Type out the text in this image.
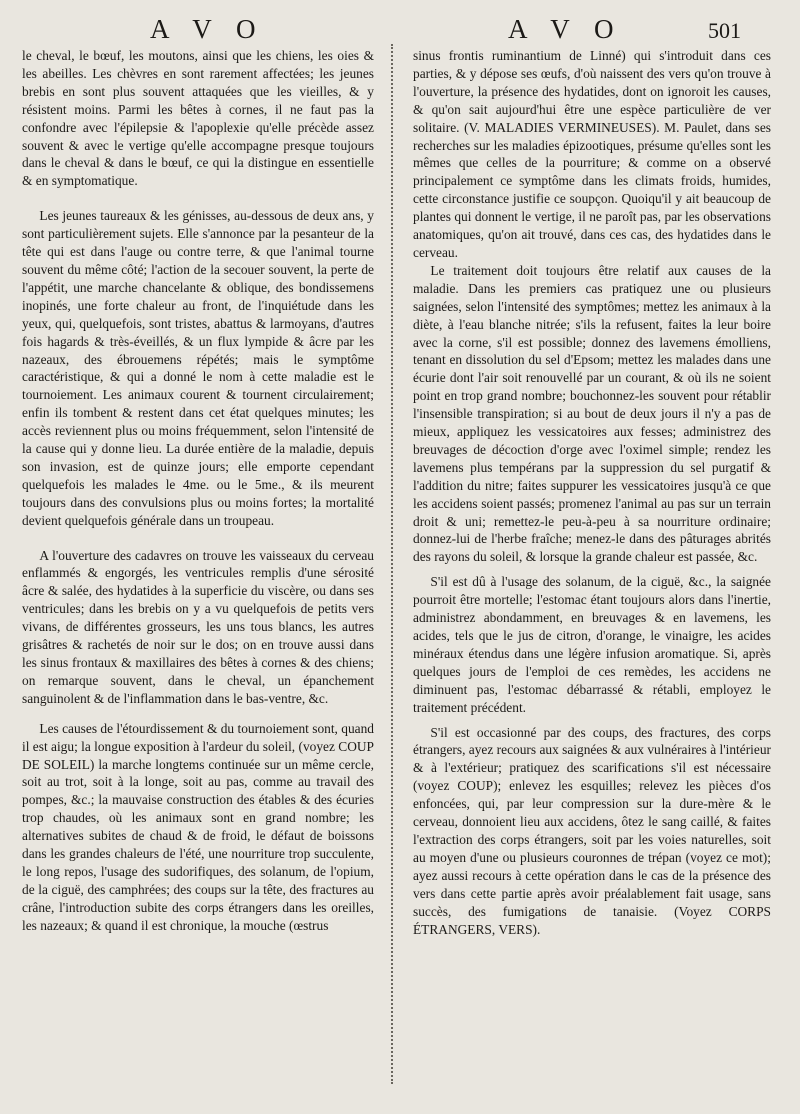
A V O	A V O	501

le cheval, le bœuf, les moutons, ainsi que les chiens, les oies & les abeilles. Les chèvres en sont rarement affectées; les jeunes brebis en sont plus souvent attaquées que les vieilles, & y résistent moins. Parmi les bêtes à cornes, il ne faut pas la confondre avec l'épilepsie & l'apoplexie qu'elle précède assez souvent & avec le vertige qu'elle accompagne presque toujours dans le cheval & dans le bœuf, ce qui la distingue en essentielle & en symptomatique.

Les jeunes taureaux & les génisses, au-dessous de deux ans, y sont particulièrement sujets. Elle s'annonce par la pesanteur de la tête qui est dans l'auge ou contre terre, & que l'animal tourne souvent du même côté; l'action de la secouer souvent, la perte de l'appétit, une marche chancelante & oblique, des bondissemens inopinés, une forte chaleur au front, de l'inquiétude dans les yeux, qui, quelquefois, sont tristes, abattus & larmoyans, d'autres fois hagards & très-éveillés, & un flux lympide & âcre par les nazeaux, des ébrouemens répétés; mais le symptôme caractéristique, & qui a donné le nom à cette maladie est le tournoiement. Les animaux courent & tournent circulairement; enfin ils tombent & restent dans cet état quelques minutes; les accès reviennent plus ou moins fréquemment, selon l'intensité de la cause qui y donne lieu. La durée entière de la maladie, depuis son invasion, est de quinze jours; elle emporte cependant quelquefois les malades le 4me. ou le 5me., & ils meurent toujours dans des convulsions plus ou moins fortes; la mortalité devient quelquefois générale dans un troupeau.

A l'ouverture des cadavres on trouve les vaisseaux du cerveau enflammés & engorgés, les ventricules remplis d'une sérosité âcre & salée, des hydatides à la superficie du viscère, ou dans ses ventricules; dans les brebis on y a vu quelquefois de petits vers vivans, de différentes grosseurs, les uns tous blancs, les autres grisâtres & rachetés de noir sur le dos; on en trouve aussi dans les sinus frontaux & maxillaires des bêtes à cornes & des chiens; on remarque souvent, dans le cheval, un épanchement sanguinolent & de l'inflammation dans le bas-ventre, &c.

Les causes de l'étourdissement & du tournoiement sont, quand il est aigu; la longue exposition à l'ardeur du soleil, (voyez COUP DE SOLEIL) la marche longtems continuée sur un même cercle, soit au trot, soit à la longe, soit au pas, comme au travail des pompes, &c.; la mauvaise construction des étables & des écuries trop chaudes, où les animaux sont en grand nombre; les alternatives subites de chaud & de froid, le défaut de boissons dans les grandes chaleurs de l'été, une nourriture trop succulente, le long repos, l'usage des sudorifiques, des solanum, de l'opium, de la ciguë, des camphrées; des coups sur la tête, des fractures au crâne, l'introduction subite des corps étrangers dans les oreilles, les nazeaux; & quand il est chronique, la mouche (œstrus

sinus frontis ruminantium de Linné) qui s'introduit dans ces parties, & y dépose ses œufs, d'où naissent des vers qu'on trouve à l'ouverture, la présence des hydatides, dont on ignoroit les causes, & qu'on sait aujourd'hui être une espèce particulière de ver solitaire. (V. MALADIES VERMINEUSES). M. Paulet, dans ses recherches sur les maladies épizootiques, présume qu'elles sont les mêmes que celles de la pourriture; & comme on a observé principalement ce symptôme dans les climats froids, humides, cette circonstance justifie ce soupçon. Quoiqu'il y ait beaucoup de plantes qui donnent le vertige, il ne paroît pas, par les observations anatomiques, qu'on ait trouvé, dans ces cas, des hydatides dans le cerveau.

Le traitement doit toujours être relatif aux causes de la maladie. Dans les premiers cas pratiquez une ou plusieurs saignées, selon l'intensité des symptômes; mettez les animaux à la diète, à l'eau blanche nitrée; s'ils la refusent, faites la leur boire avec la corne, s'il est possible; donnez des lavemens émolliens, tenant en dissolution du sel d'Epsom; mettez les malades dans une écurie dont l'air soit renouvellé par un courant, & où ils ne soient point en trop grand nombre; bouchonnez-les souvent pour rétablir l'insensible transpiration; si au bout de deux jours il n'y a pas de mieux, appliquez les vessicatoires aux fesses; administrez des breuvages de décoction d'orge avec l'oximel simple; rendez les lavemens plus tempérans par la suppression du sel purgatif & l'addition du nitre; faites suppurer les vessicatoires jusqu'à ce que les accidens soient passés; promenez l'animal au pas sur un terrain droit & uni; remettez-le peu-à-peu à sa nourriture ordinaire; donnez-lui de l'herbe fraîche; menez-le dans des pâturages abrités des rayons du soleil, & lorsque la grande chaleur est passée, &c.

S'il est dû à l'usage des solanum, de la ciguë, &c., la saignée pourroit être mortelle; l'estomac étant toujours alors dans l'inertie, administrez abondamment, en breuvages & en lavemens, les acides, tels que le jus de citron, d'orange, le vinaigre, les acides minéraux étendus dans une légère infusion aromatique. Si, après quelques jours de l'emploi de ces remèdes, les accidens ne diminuent pas, l'estomac débarrassé & rétabli, employez le traitement précédent.

S'il est occasionné par des coups, des fractures, des corps étrangers, ayez recours aux saignées & aux vulnéraires à l'intérieur & à l'extérieur; pratiquez des scarifications s'il est nécessaire (voyez COUP); enlevez les esquilles; relevez les pièces d'os enfoncées, qui, par leur compression sur la dure-mère & le cerveau, donnoient lieu aux accidens, ôtez le sang caillé, & faites l'extraction des corps étrangers, soit par les voies naturelles, soit au moyen d'une ou plusieurs couronnes de trépan (voyez ce mot); ayez aussi recours à cette opération dans le cas de la présence des vers dans cette partie après avoir préalablement fait usage, sans succès, des fumigations de tanaisie. (Voyez CORPS ÉTRANGERS, VERS).
